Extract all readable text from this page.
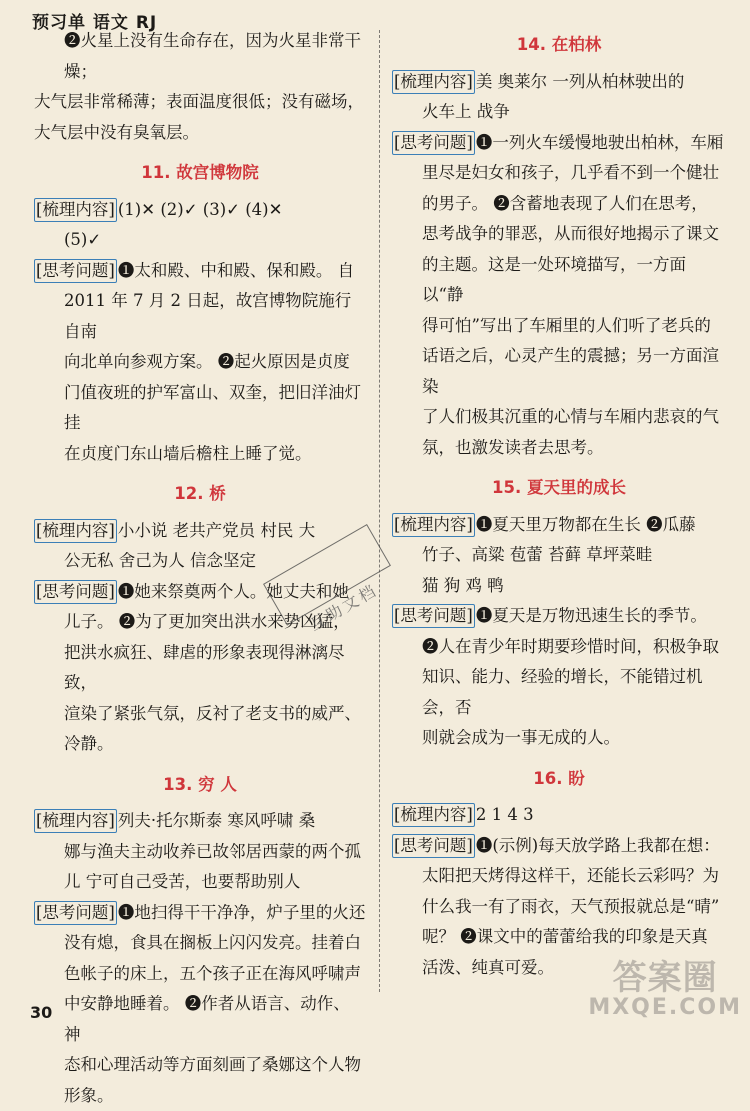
预习单 语文 RJ

❷火星上没有生命存在，因为火星非常干燥；

大气层非常稀薄；表面温度很低；没有磁场，

大气层中没有臭氧层。

11. 故宫博物院

[梳理内容] (1)✕ (2)✓ (3)✓ (4)✕

(5)✓

[思考问题] ❶太和殿、中和殿、保和殿。 自

2011 年 7 月 2 日起，故宫博物院施行自南

向北单向参观方案。 ❷起火原因是贞度

门值夜班的护军富山、双奎，把旧洋油灯挂

在贞度门东山墙后檐柱上睡了觉。

12. 桥

[梳理内容] 小小说 老共产党员 村民 大

公无私 舍己为人 信念坚定

[思考问题] ❶她来祭奠两个人。她丈夫和她

儿子。 ❷为了更加突出洪水来势凶猛，

把洪水疯狂、肆虐的形象表现得淋漓尽致，

渲染了紧张气氛，反衬了老支书的威严、

冷静。

13. 穷 人

[梳理内容] 列夫·托尔斯泰 寒风呼啸 桑

娜与渔夫主动收养已故邻居西蒙的两个孤

儿 宁可自己受苦，也要帮助别人

[思考问题] ❶地扫得干干净净，炉子里的火还

没有熄，食具在搁板上闪闪发亮。挂着白

色帐子的床上，五个孩子正在海风呼啸声

中安静地睡着。 ❷作者从语言、动作、神

态和心理活动等方面刻画了桑娜这个人物

形象。

互助文档
14. 在柏林

[梳理内容] 美 奥莱尔 一列从柏林驶出的

火车上 战争

[思考问题] ❶一列火车缓慢地驶出柏林，车厢

里尽是妇女和孩子，几乎看不到一个健壮

的男子。 ❷含蓄地表现了人们在思考，

思考战争的罪恶，从而很好地揭示了课文

的主题。这是一处环境描写，一方面以“静

得可怕”写出了车厢里的人们听了老兵的

话语之后，心灵产生的震撼；另一方面渲染

了人们极其沉重的心情与车厢内悲哀的气

氛，也激发读者去思考。

15. 夏天里的成长

[梳理内容] ❶夏天里万物都在生长 ❷瓜藤

竹子、高粱 苞蕾 苔藓 草坪菜畦

猫 狗 鸡 鸭

[思考问题] ❶夏天是万物迅速生长的季节。

❷人在青少年时期要珍惜时间，积极争取

知识、能力、经验的增长，不能错过机会，否

则就会成为一事无成的人。

16. 盼

[梳理内容] 2 1 4 3

[思考问题] ❶(示例)每天放学路上我都在想：

太阳把天烤得这样干，还能长云彩吗？为

什么我一有了雨衣，天气预报就总是“晴”

呢？ ❷课文中的蕾蕾给我的印象是天真

活泼、纯真可爱。

30
答案圈
MXQE.COM
